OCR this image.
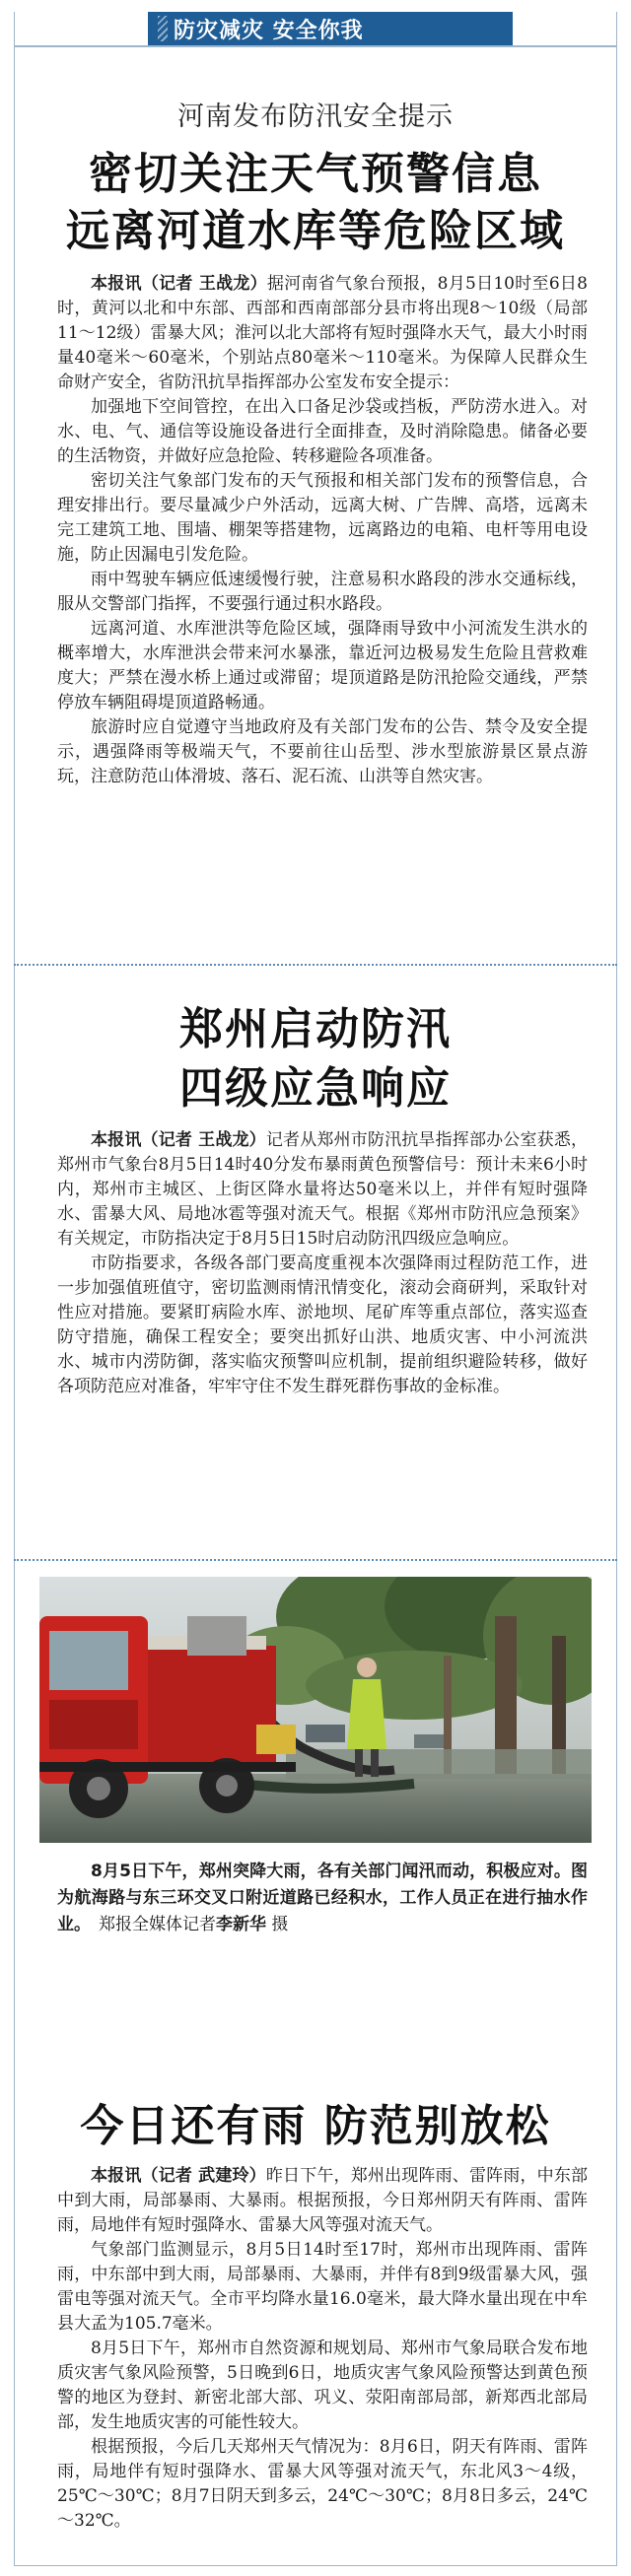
防灾减灾 安全你我
河南发布防汛安全提示
密切关注天气预警信息
远离河道水库等危险区域

本报讯（记者 王战龙）据河南省气象台预报，8月5日10时至6日8时，黄河以北和中东部、西部和西南部部分县市将出现8～10级（局部11～12级）雷暴大风；淮河以北大部将有短时强降水天气，最大小时雨量40毫米～60毫米，个别站点80毫米～110毫米。为保障人民群众生命财产安全，省防汛抗旱指挥部办公室发布安全提示：

加强地下空间管控，在出入口备足沙袋或挡板，严防涝水进入。对水、电、气、通信等设施设备进行全面排查，及时消除隐患。储备必要的生活物资，并做好应急抢险、转移避险各项准备。

密切关注气象部门发布的天气预报和相关部门发布的预警信息，合理安排出行。要尽量减少户外活动，远离大树、广告牌、高塔，远离未完工建筑工地、围墙、棚架等搭建物，远离路边的电箱、电杆等用电设施，防止因漏电引发危险。

雨中驾驶车辆应低速缓慢行驶，注意易积水路段的涉水交通标线，服从交警部门指挥，不要强行通过积水路段。

远离河道、水库泄洪等危险区域，强降雨导致中小河流发生洪水的概率增大，水库泄洪会带来河水暴涨，靠近河边极易发生危险且营救难度大；严禁在漫水桥上通过或滞留；堤顶道路是防汛抢险交通线，严禁停放车辆阻碍堤顶道路畅通。

旅游时应自觉遵守当地政府及有关部门发布的公告、禁令及安全提示，遇强降雨等极端天气，不要前往山岳型、涉水型旅游景区景点游玩，注意防范山体滑坡、落石、泥石流、山洪等自然灾害。

郑州启动防汛
四级应急响应

本报讯（记者 王战龙）记者从郑州市防汛抗旱指挥部办公室获悉，郑州市气象台8月5日14时40分发布暴雨黄色预警信号：预计未来6小时内，郑州市主城区、上街区降水量将达50毫米以上，并伴有短时强降水、雷暴大风、局地冰雹等强对流天气。根据《郑州市防汛应急预案》有关规定，市防指决定于8月5日15时启动防汛四级应急响应。

市防指要求，各级各部门要高度重视本次强降雨过程防范工作，进一步加强值班值守，密切监测雨情汛情变化，滚动会商研判，采取针对性应对措施。要紧盯病险水库、淤地坝、尾矿库等重点部位，落实巡查防守措施，确保工程安全；要突出抓好山洪、地质灾害、中小河流洪水、城市内涝防御，落实临灾预警叫应机制，提前组织避险转移，做好各项防范应对准备，牢牢守住不发生群死群伤事故的金标准。

8月5日下午，郑州突降大雨，各有关部门闻汛而动，积极应对。图为航海路与东三环交叉口附近道路已经积水，工作人员正在进行抽水作业。 郑报全媒体记者李新华 摄
今日还有雨 防范别放松

本报讯（记者 武建玲）昨日下午，郑州出现阵雨、雷阵雨，中东部中到大雨，局部暴雨、大暴雨。根据预报，今日郑州阴天有阵雨、雷阵雨，局地伴有短时强降水、雷暴大风等强对流天气。

气象部门监测显示，8月5日14时至17时，郑州市出现阵雨、雷阵雨，中东部中到大雨，局部暴雨、大暴雨，并伴有8到9级雷暴大风，强雷电等强对流天气。全市平均降水量16.0毫米，最大降水量出现在中牟县大孟为105.7毫米。

8月5日下午，郑州市自然资源和规划局、郑州市气象局联合发布地质灾害气象风险预警，5日晚到6日，地质灾害气象风险预警达到黄色预警的地区为登封、新密北部大部、巩义、荥阳南部局部，新郑西北部局部，发生地质灾害的可能性较大。

根据预报，今后几天郑州天气情况为：8月6日，阴天有阵雨、雷阵雨，局地伴有短时强降水、雷暴大风等强对流天气，东北风3～4级，25℃～30℃；8月7日阴天到多云，24℃～30℃；8月8日多云，24℃～32℃。
